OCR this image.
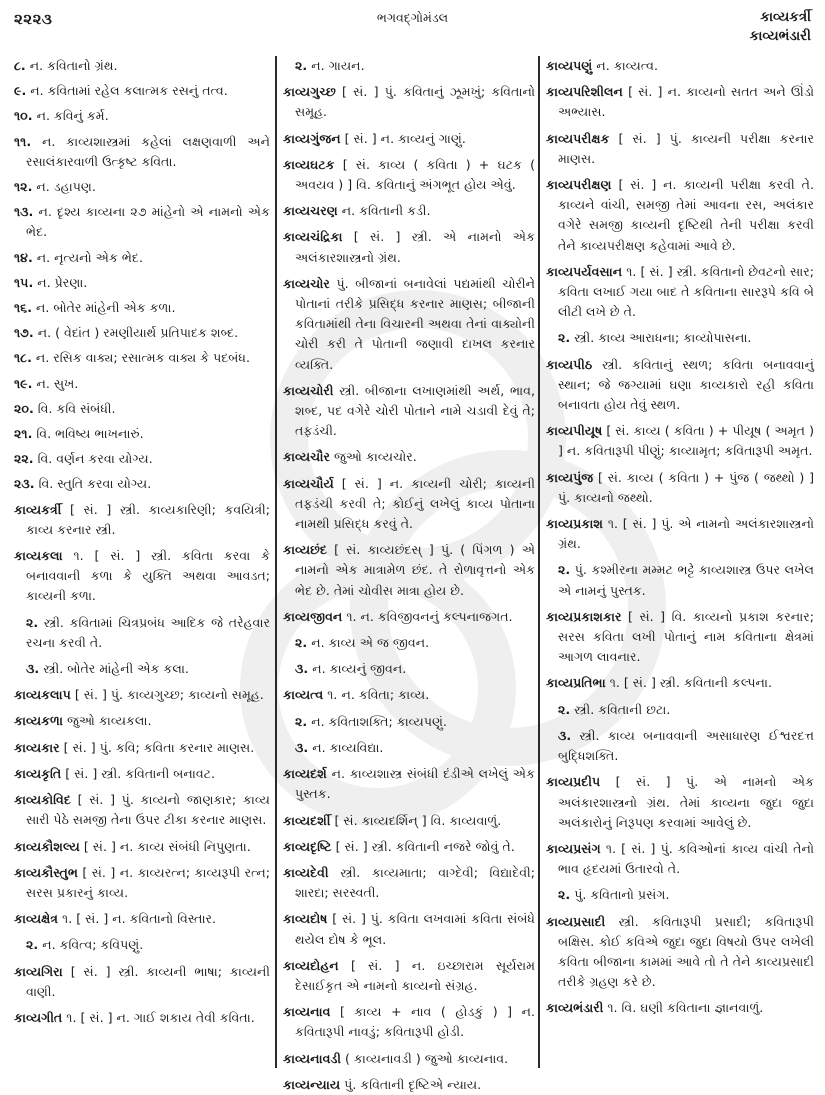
૨૨૨૩	ભગવદ્ગોમંડલ	કાવ્યકર્ત્રી
કાવ્યભંડારી
૮. ન. કવિતાનો ગ્રંથ.
૯. ન. કવિતામાં રહેલ કલાત્મક રસનું તત્વ.
૧૦. ન. કવિનું કર્મ.
૧૧. ન. કાવ્યશાસ્ત્રમાં કહેલાં લક્ષણવાળી અને રસાલંકારવાળી ઉત્કૃષ્ટ કવિતા.
૧૨. ન. ડહાપણ.
૧૩. ન. દૃશ્ય કાવ્યના ૨૭ માંહેનો એ નામનો એક ભેદ.
૧૪. ન. નૃત્યનો એક ભેદ.
૧૫. ન. પ્રેરણા.
૧૬. ન. બોતેર માંહેની એક કળા.
૧૭. ન. ( વેદાંત ) રમણીયાર્થ પ્રતિપાદક શબ્દ.
૧૮. ન. રસિક વાક્ય; રસાત્મક વાક્ય કે પદબંધ.
૧૯. ન. સુખ.
૨૦. વિ. કવિ સંબંધી.
૨૧. વિ. ભવિષ્ય ભાખનારું.
૨૨. વિ. વર્ણન કરવા યોગ્ય.
૨૩. વિ. સ્તુતિ કરવા યોગ્ય.
કાવ્યકર્ત્રી [ સં. ] સ્ત્રી. કાવ્યકારિણી; કવયિત્રી; કાવ્ય કરનાર સ્ત્રી.
કાવ્યકલા ૧. [ સં. ] સ્ત્રી. કવિતા કરવા કે બનાવવાની કળા કે યુક્તિ અથવા આવડત; કાવ્યની કળા.
૨. સ્ત્રી. કવિતામાં ચિત્રપ્રબંધ આદિક જે તરેહવાર રચના કરવી તે.
૩. સ્ત્રી. બોતેર માંહેની એક કલા.
કાવ્યકલાપ [ સં. ] પું. કાવ્યગુચ્છ; કાવ્યનો સમૂહ.
કાવ્યકળા જુઓ કાવ્યકલા.
કાવ્યકાર [ સં. ] પું. કવિ; કવિતા કરનાર માણસ.
કાવ્યકૃતિ [ સં. ] સ્ત્રી. કવિતાની બનાવટ.
કાવ્યકોવિદ [ સં. ] પું. કાવ્યનો જાણકાર; કાવ્ય સારી પેઠે સમજી તેના ઉપર ટીકા કરનાર માણસ.
કાવ્યકૌશલ્ય [ સં. ] ન. કાવ્ય સંબંધી નિપુણતા.
કાવ્યકૌસ્તુભ [ સં. ] ન. કાવ્યરત્ન; કાવ્યરૂપી રત્ન; સરસ પ્રકારનું કાવ્ય.
કાવ્યક્ષેત્ર ૧. [ સં. ] ન. કવિતાનો વિસ્તાર.
૨. ન. કવિત્વ; કવિપણું.
કાવ્યગિરા [ સં. ] સ્ત્રી. કાવ્યની ભાષા; કાવ્યની વાણી.
કાવ્યગીત ૧. [ સં. ] ન. ગાઈ શકાય તેવી કવિતા.
૨. ન. ગાયન.
કાવ્યગુચ્છ [ સં. ] પું. કવિતાનું ઝૂમખું; કવિતાનો સમૂહ.
કાવ્યગુંજન [ સં. ] ન. કાવ્યનું ગાણું.
કાવ્યઘટક [ સં. કાવ્ય ( કવિતા ) + ઘટક ( અવયવ ) ] વિ. કવિતાનું અંગભૂત હોય એવું.
કાવ્યચરણ ન. કવિતાની કડી.
કાવ્યચંદ્રિકા [ સં. ] સ્ત્રી. એ નામનો એક અલંકારશાસ્ત્રનો ગ્રંથ.
કાવ્યચોર પું. બીજાનાં બનાવેલાં પદ્યમાંથી ચોરીને પોતાનાં તરીકે પ્રસિદ્ધ કરનાર માણસ; બીજાની કવિતામાંથી તેના વિચારની અથવા તેનાં વાક્યોની ચોરી કરી તે પોતાની જણાવી દાખલ કરનાર વ્યક્તિ.
કાવ્યચોરી સ્ત્રી. બીજાના લખાણમાંથી અર્થ, ભાવ, શબ્દ, પદ વગેરે ચોરી પોતાને નામે ચડાવી દેવું તે; તફડંચી.
કાવ્યચૌર જુઓ કાવ્યચોર.
કાવ્યચૌર્ય [ સં. ] ન. કાવ્યની ચોરી; કાવ્યની તફડંચી કરવી તે; કોઈનું લખેલું કાવ્ય પોતાના નામથી પ્રસિદ્ધ કરવું તે.
કાવ્યછંદ [ સં. કાવ્યછંદસ્ ] પું. ( પિંગળ ) એ નામનો એક માત્રામેળ છંદ. તે રોળાવૃત્તનો એક ભેદ છે. તેમાં ચોવીસ માત્રા હોય છે.
કાવ્યજીવન ૧. ન. કવિજીવનનું કલ્પનાજગત.
૨. ન. કાવ્ય એ જ જીવન.
૩. ન. કાવ્યનું જીવન.
કાવ્યત્વ ૧. ન. કવિતા; કાવ્ય.
૨. ન. કવિતાશક્તિ; કાવ્યપણું.
૩. ન. કાવ્યવિદ્યા.
કાવ્યદર્શ ન. કાવ્યશાસ્ત્ર સંબંધી દંડીએ લખેલું એક પુસ્તક.
કાવ્યદર્શી [ સં. કાવ્યદર્શિન્ ] વિ. કાવ્યવાળું.
કાવ્યદૃષ્ટિ [ સં. ] સ્ત્રી. કવિતાની નજરે જોવું તે.
કાવ્યદેવી સ્ત્રી. કાવ્યમાતા; વાગ્દેવી; વિદ્યાદેવી; શારદા; સરસ્વતી.
કાવ્યદોષ [ સં. ] પું. કવિતા લખવામાં કવિતા સંબંધે થયેલ દોષ કે ભૂલ.
કાવ્યદોહન [ સં. ] ન. ઇચ્છારામ સૂર્યરામ દેસાઈકૃત એ નામનો કાવ્યનો સંગ્રહ.
કાવ્યનાવ [ કાવ્ય + નાવ ( હોડકું ) ] ન. કવિતારૂપી નાવડું; કવિતારૂપી હોડી.
કાવ્યનાવડી ( કાવ્યનાવડી ) જુઓ કાવ્યનાવ.
કાવ્યન્યાય પું. કવિતાની દૃષ્ટિએ ન્યાય.
કાવ્યપણું ન. કાવ્યત્વ.
કાવ્યપરિશીલન [ સં. ] ન. કાવ્યનો સતત અને ઊંડો અભ્યાસ.
કાવ્યપરીક્ષક [ સં. ] પું. કાવ્યની પરીક્ષા કરનાર માણસ.
કાવ્યપરીક્ષણ [ સં. ] ન. કાવ્યની પરીક્ષા કરવી તે. કાવ્યને વાંચી, સમજી તેમાં આવના રસ, અલંકાર વગેરે સમજી કાવ્યની દૃષ્ટિથી તેની પરીક્ષા કરવી તેને કાવ્યપરીક્ષણ કહેવામાં આવે છે.
કાવ્યપર્યવસાન ૧. [ સં. ] સ્ત્રી. કવિતાનો છેવટનો સાર; કવિતા લખાઈ ગયા બાદ તે કવિતાના સારરૂપે કવિ બે લીટી લખે છે તે.
૨. સ્ત્રી. કાવ્ય આરાધના; કાવ્યોપાસના.
કાવ્યપીઠ સ્ત્રી. કવિતાનું સ્થળ; કવિતા બનાવવાનું સ્થાન; જે જગ્યામાં ઘણા કાવ્યકારો રહી કવિતા બનાવતા હોય તેવું સ્થળ.
કાવ્યપીયૂષ [ સં. કાવ્ય ( કવિતા ) + પીયૂષ ( અમૃત ) ] ન. કવિતારૂપી પીણું; કાવ્યામૃત; કવિતારૂપી અમૃત.
કાવ્યપુંજ [ સં. કાવ્ય ( કવિતા ) + પુંજ ( જથ્થો ) ] પું. કાવ્યનો જથ્થો.
કાવ્યપ્રકાશ ૧. [ સં. ] પું. એ નામનો અલંકારશાસ્ત્રનો ગ્રંથ.
૨. પું. કશ્મીરના મમ્મટ ભટ્ટે કાવ્યશાસ્ત્ર ઉપર લખેલ એ નામનું પુસ્તક.
કાવ્યપ્રકાશકાર [ સં. ] વિ. કાવ્યનો પ્રકાશ કરનાર; સરસ કવિતા લખી પોતાનું નામ કવિતાના ક્ષેત્રમાં આગળ લાવનાર.
કાવ્યપ્રતિભા ૧. [ સં. ] સ્ત્રી. કવિતાની કલ્પના.
૨. સ્ત્રી. કવિતાની છટા.
૩. સ્ત્રી. કાવ્ય બનાવવાની અસાધારણ ઈશ્વરદત્ત બુદ્ધિશક્તિ.
કાવ્યપ્રદીપ [ સં. ] પું. એ નામનો એક અલંકારશાસ્ત્રનો ગ્રંથ. તેમાં કાવ્યના જુદા જુદા અલંકારોનું નિરૂપણ કરવામાં આવેલું છે.
કાવ્યપ્રસંગ ૧. [ સં. ] પું. કવિઓનાં કાવ્ય વાંચી તેનો ભાવ હૃદયમાં ઉતારવો તે.
૨. પું. કવિતાનો પ્રસંગ.
કાવ્યપ્રસાદી સ્ત્રી. કવિતારૂપી પ્રસાદી; કવિતારૂપી બક્ષિસ. કોઈ કવિએ જુદા જુદા વિષયો ઉપર લખેલી કવિતા બીજાના કામમાં આવે તો તે તેને કાવ્યપ્રસાદી તરીકે ગ્રહણ કરે છે.
કાવ્યભંડારી ૧. વિ. ઘણી કવિતાના જ્ઞાનવાળું.
